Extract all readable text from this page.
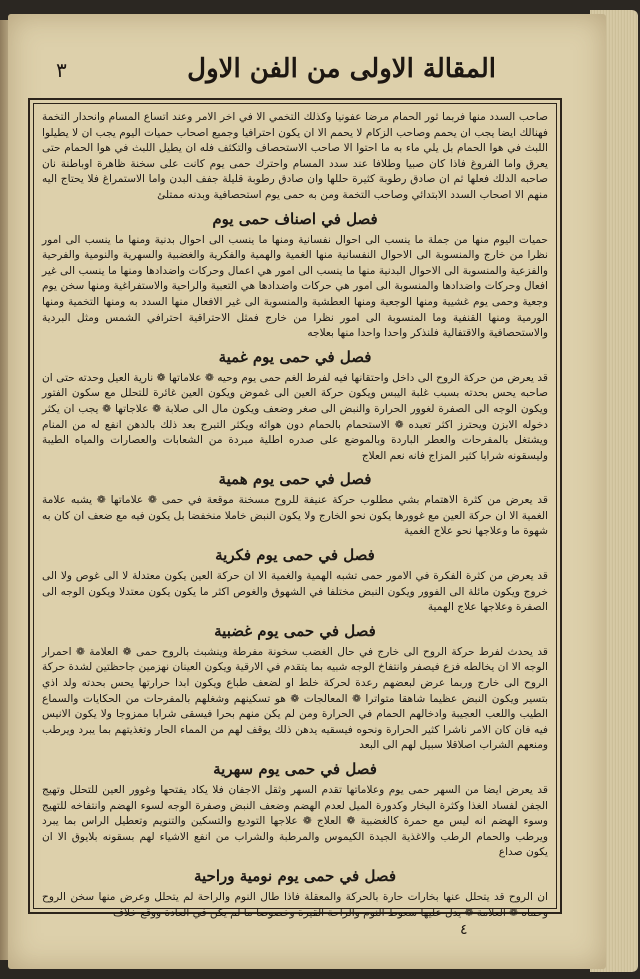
٣	المقالة الاولى من الفن الاول

صاحب السدد منها فربما ثور الحمام مرضا عفونيا وكذلك التخمي الا في اخر الامر وعند اتساع المسام وانحدار التخمة فهنالك ايضا يجب ان يحمم وصاحب الزكام لا يحمم الا ان يكون احترافيا وجميع اصحاب حميات اليوم يجب ان لا يطيلوا اللبث في هوا الحمام بل يلي ماء به ما احتوا الا صاحب الاستحصاف والتكثف فله ان يطيل اللبث في هوا الحمام حتى يعرق واما الفروغ فاذا كان صبيا وطلافا عند سدد المسام واحترك حمى يوم كانت على سخنة ظاهرة اوباطنة نان صاحبه الدلك فعلها ثم ان صادق رطوبة كثيرة حللها وان صادق رطوبة قليلة جفف البدن واما الاستمراغ فلا يحتاج اليه منهم الا اصحاب السدد الابتدائي وصاحب التخمة ومن به حمى يوم استحصافية وبدنه ممتلئ

فصل في اصناف حمى يوم

حميات اليوم منها من جملة ما ينسب الى احوال نفسانية ومنها ما ينسب الى احوال بدنية ومنها ما ينسب الى امور نظرا من خارج والمنسوبة الى الاحوال النفسانية منها الغمية والهمية والفكرية والغضبية والسهرية والنومية والفرحية والفزعية والمنسوبة الى الاحوال البدنية منها ما ينسب الى امور هي اعمال وحركات واضدادها ومنها ما ينسب الى غير افعال وحركات واضدادها والمنسوبة الى امور هي حركات واضدادها هي التعبية والراحية والاستفراغية ومنها سخن يوم وجعية وحمى يوم غشيية ومنها الوجعية ومنها العطشية والمنسوبة الى غير الافعال منها السدد به ومنها التخمية ومنها الورمية ومنها القنفية وما المنسوبة الى امور نظرا من خارج فمثل الاحتراقية احترافي الشمس ومثل البردية والاستحصافية والاقتفالية فلنذكر واحدا واحدا منها بعلاجه

فصل في حمى يوم غمية

قد يعرض من حركة الروح الى داخل واحتقانها فيه لفرط الغم حمى يوم وحيه ❁ علاماتها ❁ نارية العيل وحدته حتى ان صاحبه يحس بحدته بسبب غلبة اليبس ويكون حركة العين الى غموض ويكون العين غائرة للتحلل مع سكون الفتور ويكون الوجه الى الصفرة لغوور الحرارة والنبض الى صغر وضعف ويكون مال الى صلابة ❁ علاجاتها ❁ يجب ان يكثر دخوله الابزن ويحترز اكثر تعبده ❁ الاستحمام بالحمام دون هوائه ويكثر التبرج بعد ذلك بالدهن انفع له من المنام ويشتغل بالمفرحات والعطر الباردة وبالموضع على صدره اطلية مبردة من الشعابات والعصارات والمياه الطيبة وليسقونه شرابا كثير المزاج فانه نعم العلاج

فصل في حمى يوم همية

قد يعرض من كثرة الاهتمام بشي مطلوب حركة عنيفة للروح مسخنة موقعة في حمى ❁ علاماتها ❁ يشبه علامة الغمية الا ان حركة العين مع غوورها يكون نحو الخارج ولا يكون النبض خاملا منخفضا بل يكون فيه مع ضعف ان كان به شهوة ما وعلاجها نحو علاج الغمية

فصل في حمى يوم فكرية

قد يعرض من كثرة الفكرة في الامور حمى تشبه الهمية والغمية الا ان حركة العين يكون معتدلة لا الى غوص ولا الى خروج ويكون مائلة الى الفوور ويكون النبض مختلفا في الشهوق والغوص اكثر ما يكون يكون معتدلا ويكون الوجه الى الصفرة وعلاجها علاج الهمية

فصل في حمى يوم غضبية

قد يحدث لفرط حركة الروح الى خارج في حال الغضب سخونة مفرطة وينشبث بالروح حمى ❁ العلامة ❁ احمرار الوجه الا ان يخالطه فزع فيصفر وانتفاخ الوجه شبيه بما يتقدم في الارقية ويكون العينان نهزمين جاحظتين لشدة حركة الروح الى خارج وربما عرض لبعضهم رعدة لحركة خلط او لضعف طباع ويكون ابدا حرارتها يحس بحدته ولد اذي بتسير ويكون النبض عظيما شاهقا متواترا ❁ المعالجات ❁ هو تسكينهم وشغلهم بالمفرحات من الحكايات والسماع الطيب واللعب العجيبة وادخالهم الحمام في الحرارة ومن لم يكن منهم بحرا فيسقى شرابا ممزوجا ولا يكون الانيس فيه فان كان الامر ناشرا كثير الحرارة ونحوه فيسقيه يدهن ذلك يوقف لهم من المماء الحار وتغذيتهم بما يبرد ويرطب ومنعهم الشراب اصلاقلا سبيل لهم الى البعد

فصل في حمى يوم سهرية

قد يعرض ايضا من السهر حمى يوم وعلاماتها تقدم السهر وثقل الاجفان فلا يكاد يفتحها وغوور العين للتحلل وتهيج الجفن لفساد الغذا وكثرة البخار وكدورة الميل لعدم الهضم وضعف النبض وصفرة الوجه لسوء الهضم وانتفاخه للتهيج وسوء الهضم انه ليس مع حمرة كالغضبية ❁ العلاج ❁ علاجها التوديع والتسكين والتنويم وتعطيل الراس بما يبرد ويرطب والحمام الرطب والاغذية الجيدة الكيموس والمرطبة والشراب من انفع الاشياء لهم بسقونه بلايوق الا ان يكون صداع

فصل في حمى يوم نومية وراحية

ان الروح قد يتحلل عنها بخارات حارة بالحركة والمعقلة فاذا طال النوم والراحة لم يتحلل وعرض منها سخن الروح وحماه ❁ العلامة ❁ يدل عليها سعوط النوم والراحة القيرة وخصوصا ما لم يكن في العادة ووقع خلاف

٤
